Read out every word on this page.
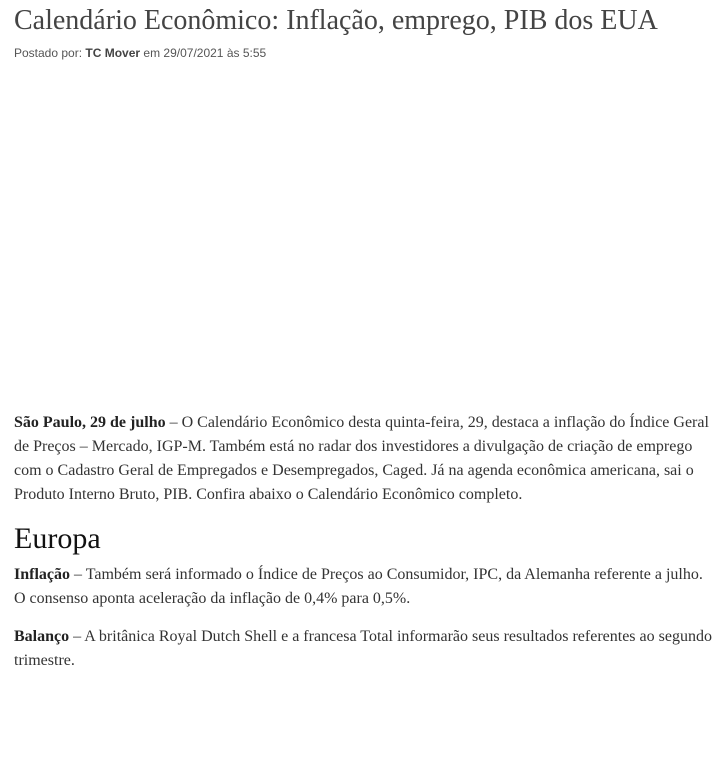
Calendário Econômico: Inflação, emprego, PIB dos EUA
Postado por: TC Mover em 29/07/2021 às 5:55

São Paulo, 29 de julho – O Calendário Econômico desta quinta-feira, 29, destaca a inflação do Índice Geral de Preços – Mercado, IGP-M. Também está no radar dos investidores a divulgação de criação de emprego com o Cadastro Geral de Empregados e Desempregados, Caged. Já na agenda econômica americana, sai o Produto Interno Bruto, PIB. Confira abaixo o Calendário Econômico completo.

Europa

Inflação – Também será informado o Índice de Preços ao Consumidor, IPC, da Alemanha referente a julho. O consenso aponta aceleração da inflação de 0,4% para 0,5%.

Balanço – A britânica Royal Dutch Shell e a francesa Total informarão seus resultados referentes ao segundo trimestre.
